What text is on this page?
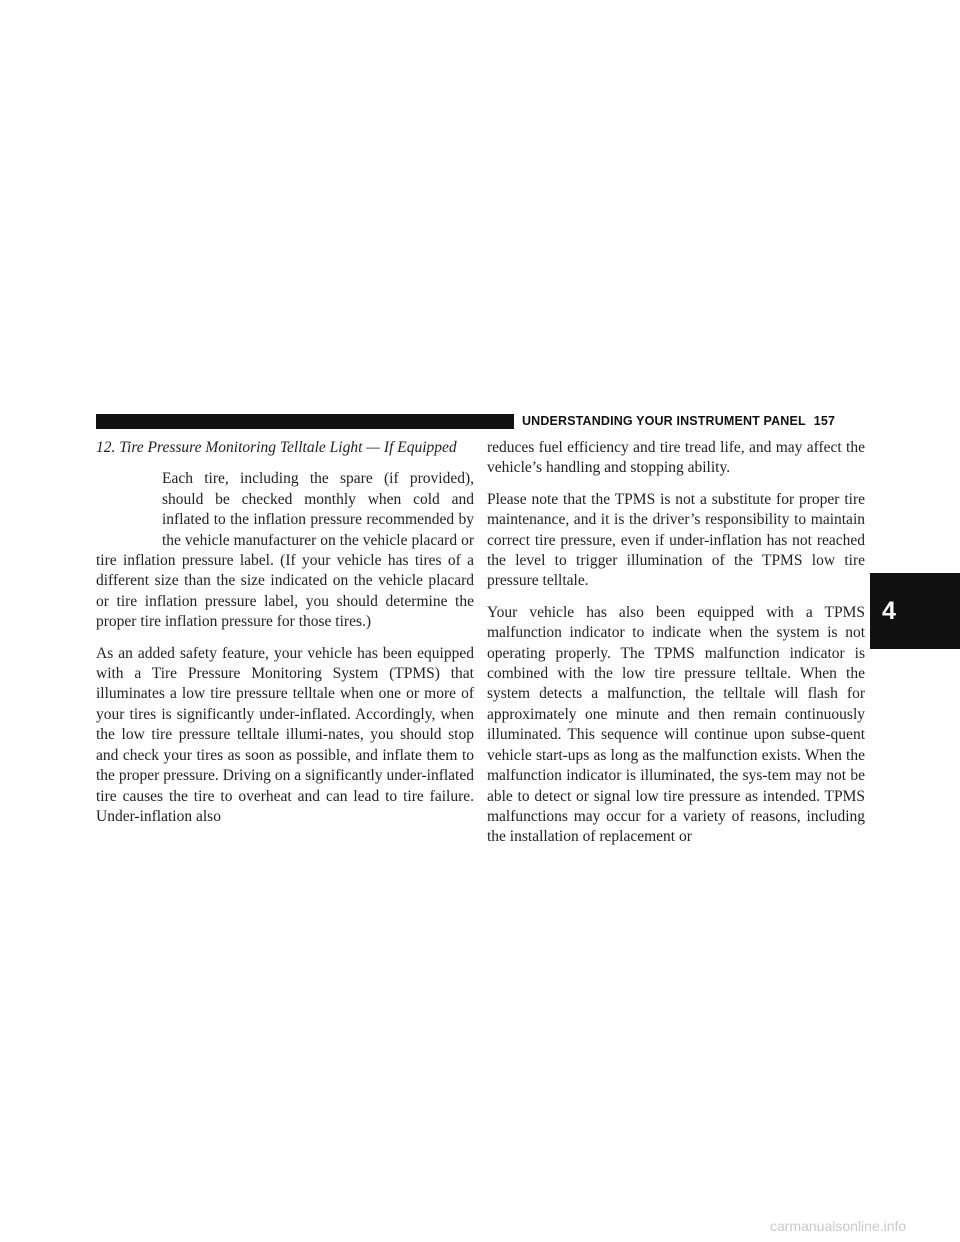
UNDERSTANDING YOUR INSTRUMENT PANEL 157

12. Tire Pressure Monitoring Telltale Light — If Equipped

Each tire, including the spare (if provided), should be checked monthly when cold and inflated to the inflation pressure recommended by the vehicle manufacturer on the vehicle placard or tire inflation pressure label. (If your vehicle has tires of a different size than the size indicated on the vehicle placard or tire inflation pressure label, you should determine the proper tire inflation pressure for those tires.)

As an added safety feature, your vehicle has been equipped with a Tire Pressure Monitoring System (TPMS) that illuminates a low tire pressure telltale when one or more of your tires is significantly under-inflated. Accordingly, when the low tire pressure telltale illumi-nates, you should stop and check your tires as soon as possible, and inflate them to the proper pressure. Driving on a significantly under-inflated tire causes the tire to overheat and can lead to tire failure. Under-inflation also

reduces fuel efficiency and tire tread life, and may affect the vehicle’s handling and stopping ability.

Please note that the TPMS is not a substitute for proper tire maintenance, and it is the driver’s responsibility to maintain correct tire pressure, even if under-inflation has not reached the level to trigger illumination of the TPMS low tire pressure telltale.

Your vehicle has also been equipped with a TPMS malfunction indicator to indicate when the system is not operating properly. The TPMS malfunction indicator is combined with the low tire pressure telltale. When the system detects a malfunction, the telltale will flash for approximately one minute and then remain continuously illuminated. This sequence will continue upon subse-quent vehicle start-ups as long as the malfunction exists. When the malfunction indicator is illuminated, the sys-tem may not be able to detect or signal low tire pressure as intended. TPMS malfunctions may occur for a variety of reasons, including the installation of replacement or

4
carmanualsonline.info
